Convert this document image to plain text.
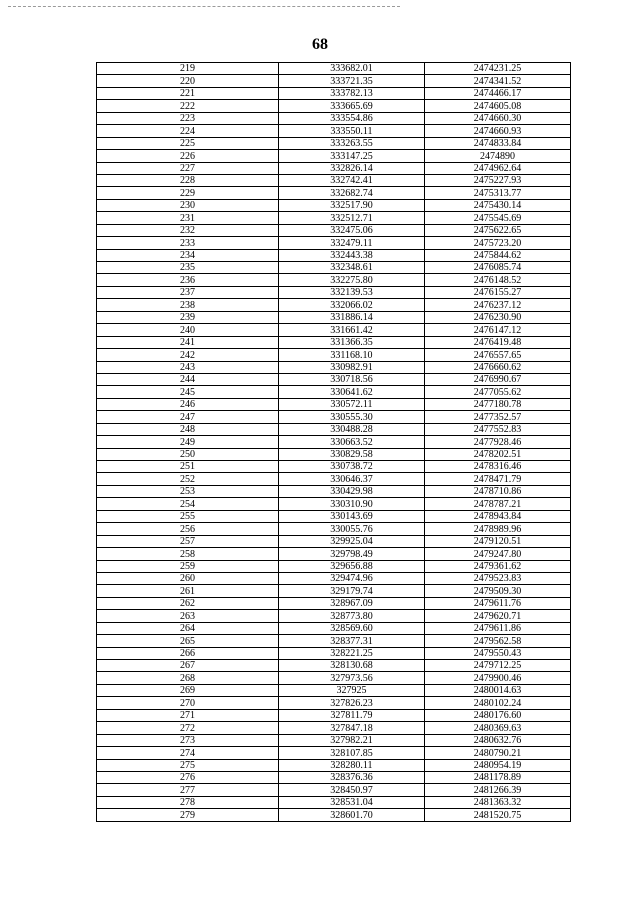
68
219	333682.01	2474231.25
220	333721.35	2474341.52
221	333782.13	2474466.17
222	333665.69	2474605.08
223	333554.86	2474660.30
224	333550.11	2474660.93
225	333263.55	2474833.84
226	333147.25	2474890
227	332826.14	2474962.64
228	332742.41	2475227.93
229	332682.74	2475313.77
230	332517.90	2475430.14
231	332512.71	2475545.69
232	332475.06	2475622.65
233	332479.11	2475723.20
234	332443.38	2475844.62
235	332348.61	2476085.74
236	332275.80	2476148.52
237	332139.53	2476155.27
238	332066.02	2476237.12
239	331886.14	2476230.90
240	331661.42	2476147.12
241	331366.35	2476419.48
242	331168.10	2476557.65
243	330982.91	2476660.62
244	330718.56	2476990.67
245	330641.62	2477055.62
246	330572.11	2477180.78
247	330555.30	2477352.57
248	330488.28	2477552.83
249	330663.52	2477928.46
250	330829.58	2478202.51
251	330738.72	2478316.46
252	330646.37	2478471.79
253	330429.98	2478710.86
254	330310.90	2478787.21
255	330143.69	2478943.84
256	330055.76	2478989.96
257	329925.04	2479120.51
258	329798.49	2479247.80
259	329656.88	2479361.62
260	329474.96	2479523.83
261	329179.74	2479509.30
262	328967.09	2479611.76
263	328773.80	2479620.71
264	328569.60	2479611.86
265	328377.31	2479562.58
266	328221.25	2479550.43
267	328130.68	2479712.25
268	327973.56	2479900.46
269	327925	2480014.63
270	327826.23	2480102.24
271	327811.79	2480176.60
272	327847.18	2480369.63
273	327982.21	2480632.76
274	328107.85	2480790.21
275	328280.11	2480954.19
276	328376.36	2481178.89
277	328450.97	2481266.39
278	328531.04	2481363.32
279	328601.70	2481520.75
